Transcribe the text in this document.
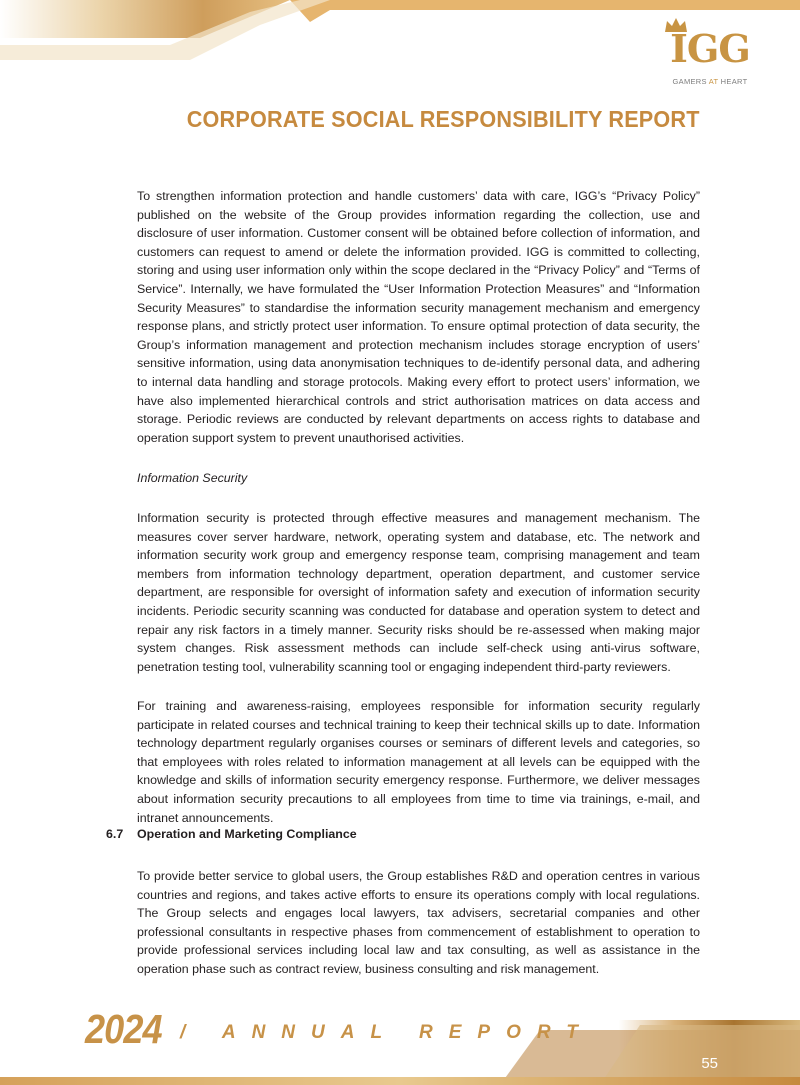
IGG
GAMERS AT HEART
CORPORATE SOCIAL RESPONSIBILITY REPORT

To strengthen information protection and handle customers’ data with care, IGG’s “Privacy Policy” published on the website of the Group provides information regarding the collection, use and disclosure of user information. Customer consent will be obtained before collection of information, and customers can request to amend or delete the information provided. IGG is committed to collecting, storing and using user information only within the scope declared in the “Privacy Policy” and “Terms of Service”. Internally, we have formulated the “User Information Protection Measures” and “Information Security Measures” to standardise the information security management mechanism and emergency response plans, and strictly protect user information. To ensure optimal protection of data security, the Group’s information management and protection mechanism includes storage encryption of users’ sensitive information, using data anonymisation techniques to de-identify personal data, and adhering to internal data handling and storage protocols. Making every effort to protect users’ information, we have also implemented hierarchical controls and strict authorisation matrices on data access and storage. Periodic reviews are conducted by relevant departments on access rights to database and operation support system to prevent unauthorised activities.

Information Security

Information security is protected through effective measures and management mechanism. The measures cover server hardware, network, operating system and database, etc. The network and information security work group and emergency response team, comprising management and team members from information technology department, operation department, and customer service department, are responsible for oversight of information safety and execution of information security incidents. Periodic security scanning was conducted for database and operation system to detect and repair any risk factors in a timely manner. Security risks should be re-assessed when making major system changes. Risk assessment methods can include self-check using anti-virus software, penetration testing tool, vulnerability scanning tool or engaging independent third-party reviewers.

For training and awareness-raising, employees responsible for information security regularly participate in related courses and technical training to keep their technical skills up to date. Information technology department regularly organises courses or seminars of different levels and categories, so that employees with roles related to information management at all levels can be equipped with the knowledge and skills of information security emergency response. Furthermore, we deliver messages about information security precautions to all employees from time to time via trainings, e-mail, and intranet announcements.

6.7 Operation and Marketing Compliance

To provide better service to global users, the Group establishes R&D and operation centres in various countries and regions, and takes active efforts to ensure its operations comply with local regulations. The Group selects and engages local lawyers, tax advisers, secretarial companies and other professional consultants in respective phases from commencement of establishment to operation to provide professional services including local law and tax consulting, as well as assistance in the operation phase such as contract review, business consulting and risk management.

2024 / ANNUAL REPORT
55
